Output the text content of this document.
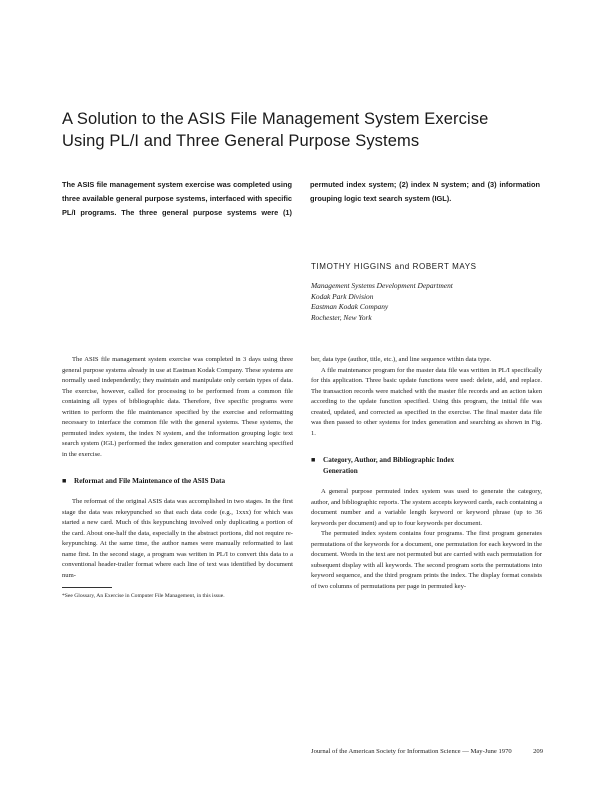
A Solution to the ASIS File Management System Exercise
Using PL/I and Three General Purpose Systems
The ASIS file management system exercise was completed using three available general purpose systems, interfaced with specific PL/I programs. The three general purpose systems were (1) permuted index system; (2) index N system; and (3) information grouping logic text search system (IGL).
TIMOTHY HIGGINS and ROBERT MAYS
Management Systems Development Department
Kodak Park Division
Eastman Kodak Company
Rochester, New York

The ASIS file management system exercise was completed in 3 days using three general purpose systems already in use at Eastman Kodak Company. These systems are normally used independently; they maintain and manipulate only certain types of data. The exercise, however, called for processing to be performed from a common file containing all types of bibliographic data. Therefore, five specific programs were written to perform the file maintenance specified by the exercise and reformatting necessary to interface the common file with the general systems. These systems, the permuted index system, the index N system, and the information grouping logic text search system (IGL) performed the index generation and computer searching specified in the exercise.

■ Reformat and File Maintenance of the ASIS Data

The reformat of the original ASIS data was accomplished in two stages. In the first stage the data was rekeypunched so that each data code (e.g., 1xxx) for which was started a new card. Much of this keypunching involved only duplicating a portion of the card. About one-half the data, especially in the abstract portions, did not require re-keypunching. At the same time, the author names were manually reformatted to last name first. In the second stage, a program was written in PL/I to convert this data to a conventional header-trailer format where each line of text was identified by document num-

*See Glossary, An Exercise in Computer File Management, in this issue.

ber, data type (author, title, etc.), and line sequence within data type.

A file maintenance program for the master data file was written in PL/I specifically for this application. Three basic update functions were used: delete, add, and replace. The transaction records were matched with the master file records and an action taken according to the update function specified. Using this program, the initial file was created, updated, and corrected as specified in the exercise. The final master data file was then passed to other systems for index generation and searching as shown in Fig. 1.

■ Category, Author, and Bibliographic Index
Generation

A general purpose permuted index system was used to generate the category, author, and bibliographic reports. The system accepts keyword cards, each containing a document number and a variable length keyword or keyword phrase (up to 36 keywords per document) and up to four keywords per document.

The permuted index system contains four programs. The first program generates permutations of the keywords for a document, one permutation for each keyword in the document. Words in the text are not permuted but are carried with each permutation for subsequent display with all keywords. The second program sorts the permutations into keyword sequence, and the third program prints the index. The display format consists of two columns of permutations per page in permuted key-

Journal of the American Society for Information Science — May-June 1970	209
